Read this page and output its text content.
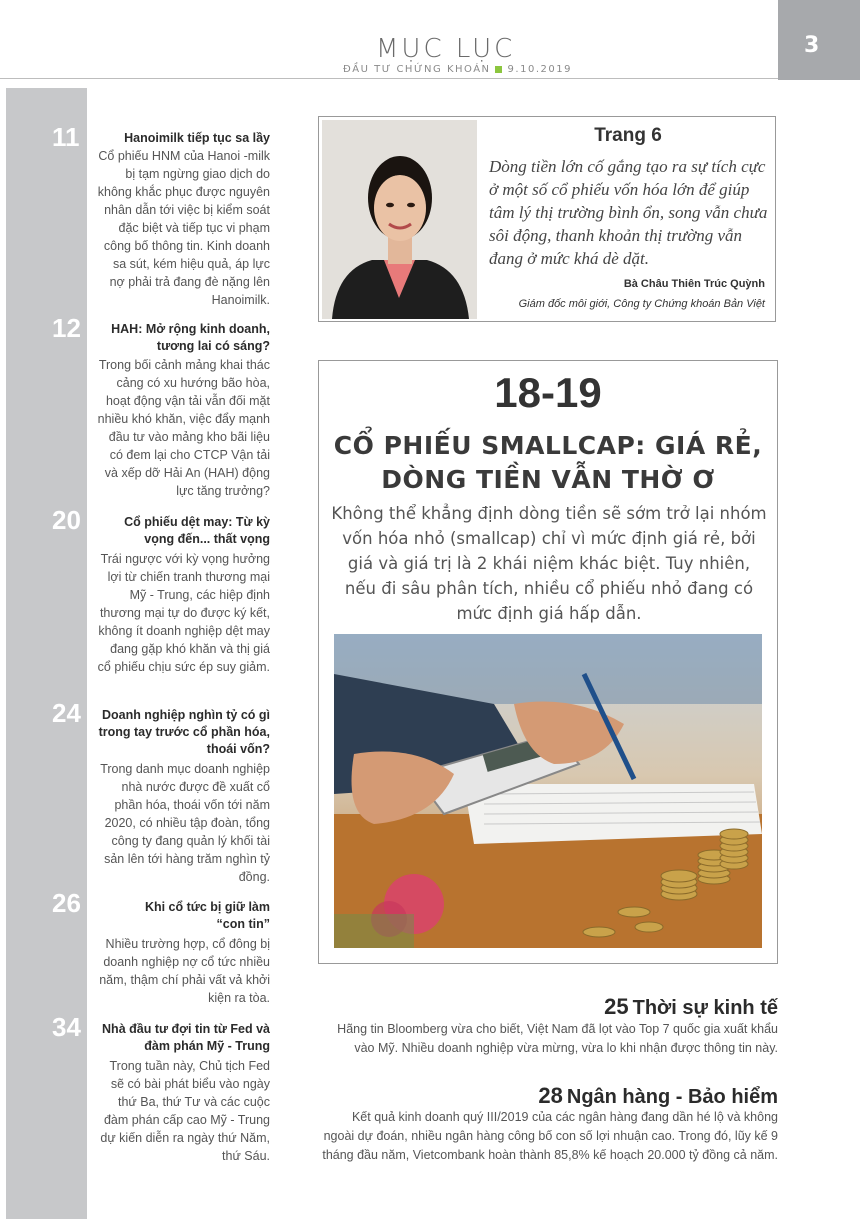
MỤC LỤC
ĐẦU TƯ CHỨNG KHOÁN 9.10.2019
3
11	Hanoimilk tiếp tục sa lầy
Cổ phiếu HNM của Hanoi -milk bị tạm ngừng giao dịch do không khắc phục được nguyên nhân dẫn tới việc bị kiểm soát đặc biệt và tiếp tục vi phạm công bố thông tin. Kinh doanh sa sút, kém hiệu quả, áp lực nợ phải trả đang đè nặng lên Hanoimilk.
12	HAH: Mở rộng kinh doanh, tương lai có sáng?
Trong bối cảnh mảng khai thác cảng có xu hướng bão hòa, hoạt động vận tải vẫn đối mặt nhiều khó khăn, việc đẩy mạnh đầu tư vào mảng kho bãi liệu có đem lại cho CTCP Vận tải và xếp dỡ Hải An (HAH) động lực tăng trưởng?
20	Cổ phiếu dệt may: Từ kỳ vọng đến... thất vọng
Trái ngược với kỳ vọng hưởng lợi từ chiến tranh thương mại Mỹ - Trung, các hiệp định thương mại tự do được ký kết, không ít doanh nghiệp dệt may đang gặp khó khăn và thị giá cổ phiếu chịu sức ép suy giảm.
24	Doanh nghiệp nghìn tỷ có gì trong tay trước cổ phần hóa, thoái vốn?
Trong danh mục doanh nghiệp nhà nước được đề xuất cổ phần hóa, thoái vốn tới năm 2020, có nhiều tập đoàn, tổng công ty đang quản lý khối tài sản lên tới hàng trăm nghìn tỷ đồng.
26	Khi cổ tức bị giữ làm “con tin”
Nhiều trường hợp, cổ đông bị doanh nghiệp nợ cổ tức nhiều năm, thậm chí phải vất vả khởi kiện ra tòa.
34	Nhà đầu tư đợi tin từ Fed và đàm phán Mỹ - Trung
Trong tuần này, Chủ tịch Fed sẽ có bài phát biểu vào ngày thứ Ba, thứ Tư và các cuộc đàm phán cấp cao Mỹ - Trung dự kiến diễn ra ngày thứ Năm, thứ Sáu.
Trang 6
Dòng tiền lớn cố gắng tạo ra sự tích cực ở một số cổ phiếu vốn hóa lớn để giúp tâm lý thị trường bình ổn, song vẫn chưa sôi động, thanh khoản thị trường vẫn đang ở mức khá dè dặt.
Bà Châu Thiên Trúc Quỳnh
Giám đốc môi giới, Công ty Chứng khoán Bản Việt
18-19
CỔ PHIẾU SMALLCAP: GIÁ RẺ,
DÒNG TIỀN VẪN THỜ Ơ
Không thể khẳng định dòng tiền sẽ sớm trở lại nhóm vốn hóa nhỏ (smallcap) chỉ vì mức định giá rẻ, bởi giá và giá trị là 2 khái niệm khác biệt. Tuy nhiên, nếu đi sâu phân tích, nhiều cổ phiếu nhỏ đang có mức định giá hấp dẫn.
25 Thời sự kinh tế
Hãng tin Bloomberg vừa cho biết, Việt Nam đã lọt vào Top 7 quốc gia xuất khẩu vào Mỹ. Nhiều doanh nghiệp vừa mừng, vừa lo khi nhận được thông tin này.
28 Ngân hàng - Bảo hiểm
Kết quả kinh doanh quý III/2019 của các ngân hàng đang dần hé lộ và không ngoài dự đoán, nhiều ngân hàng công bố con số lợi nhuận cao. Trong đó, lũy kế 9 tháng đầu năm, Vietcombank hoàn thành 85,8% kế hoạch 20.000 tỷ đồng cả năm.
